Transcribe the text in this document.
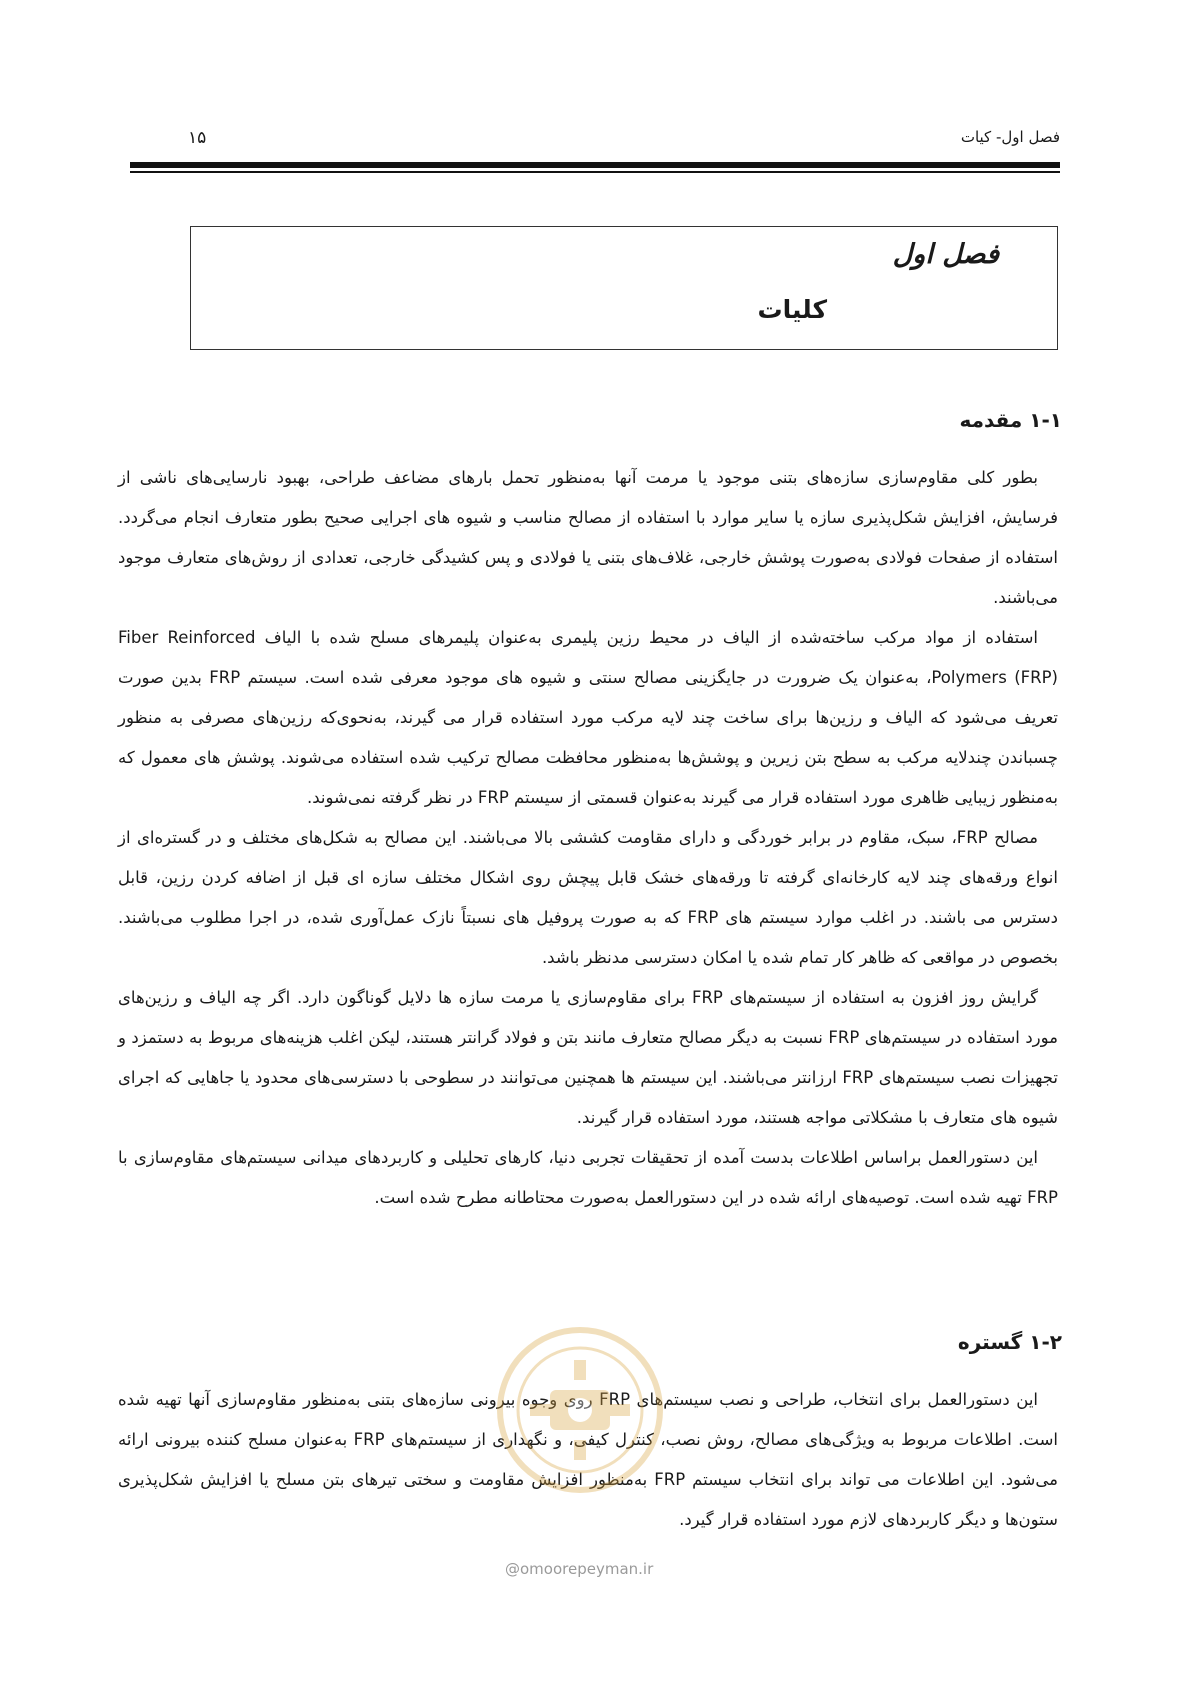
فصل اول- کیات
۱۵
فصل اول
کلیات
۱-۱ مقدمه

بطور کلی مقاوم‌سازی سازه‌های بتنی موجود یا مرمت آنها به‌منظور تحمل بارهای مضاعف طراحی، بهبود نارسایی‌های ناشی از فرسایش، افزایش شکل‌پذیری سازه یا سایر موارد با استفاده از مصالح مناسب و شیوه های اجرایی صحیح بطور متعارف انجام می‌گردد. استفاده از صفحات فولادی به‌صورت پوشش خارجی، غلاف‌های بتنی یا فولادی و پس کشیدگی خارجی، تعدادی از روش‌های متعارف موجود می‌باشند.

استفاده از مواد مرکب ساخته‌شده از الیاف در محیط رزین پلیمری به‌عنوان پلیمرهای مسلح شده با الیاف Fiber Reinforced Polymers (FRP)، به‌عنوان یک ضرورت در جایگزینی مصالح سنتی و شیوه های موجود معرفی شده است. سیستم FRP بدین صورت تعریف می‌شود که الیاف و رزین‌ها برای ساخت چند لایه مرکب مورد استفاده قرار می گیرند، به‌نحوی‌که رزین‌های مصرفی به منظور چسباندن چندلایه مرکب به سطح بتن زیرین و پوشش‌ها به‌منظور محافظت مصالح ترکیب شده استفاده می‌شوند. پوشش های معمول که به‌منظور زیبایی ظاهری مورد استفاده قرار می گیرند به‌عنوان قسمتی از سیستم FRP در نظر گرفته نمی‌شوند.

مصالح FRP، سبک، مقاوم در برابر خوردگی و دارای مقاومت کششی بالا می‌باشند. این مصالح به شکل‌های مختلف و در گستره‌ای از انواع ورقه‌های چند لایه کارخانه‌ای گرفته تا ورقه‌های خشک قابل پیچش روی اشکال مختلف سازه ای قبل از اضافه کردن رزین، قابل دسترس می باشند. در اغلب موارد سیستم های FRP که به صورت پروفیل های نسبتاً نازک عمل‌آوری شده، در اجرا مطلوب می‌باشند. بخصوص در مواقعی که ظاهر کار تمام شده یا امکان دسترسی مدنظر باشد.

گرایش روز افزون به استفاده از سیستم‌های FRP برای مقاوم‌سازی یا مرمت سازه ها دلایل گوناگون دارد. اگر چه الیاف و رزین‌های مورد استفاده در سیستم‌های FRP نسبت به دیگر مصالح متعارف مانند بتن و فولاد گرانتر هستند، لیکن اغلب هزینه‌های مربوط به دستمزد و تجهیزات نصب سیستم‌های FRP ارزانتر می‌باشند. این سیستم ها همچنین می‌توانند در سطوحی با دسترسی‌های محدود یا جاهایی که اجرای شیوه های متعارف با مشکلاتی مواجه هستند، مورد استفاده قرار گیرند.

این دستورالعمل براساس اطلاعات بدست آمده از تحقیقات تجربی دنیا، کارهای تحلیلی و کاربردهای میدانی سیستم‌های مقاوم‌سازی با FRP تهیه شده است. توصیه‌های ارائه شده در این دستورالعمل به‌صورت محتاطانه مطرح شده است.

۱-۲ گستره

این دستورالعمل برای انتخاب، طراحی و نصب سیستم‌های FRP روی وجوه بیرونی سازه‌های بتنی به‌منظور مقاوم‌سازی آنها تهیه شده است. اطلاعات مربوط به ویژگی‌های مصالح، روش نصب، کنترل کیفی، و نگهداری از سیستم‌های FRP به‌عنوان مسلح کننده بیرونی ارائه می‌شود. این اطلاعات می تواند برای انتخاب سیستم FRP به‌منظور افزایش مقاومت و سختی تیرهای بتن مسلح یا افزایش شکل‌پذیری ستون‌ها و دیگر کاربردهای لازم مورد استفاده قرار گیرد.

@omoorepeyman.ir
